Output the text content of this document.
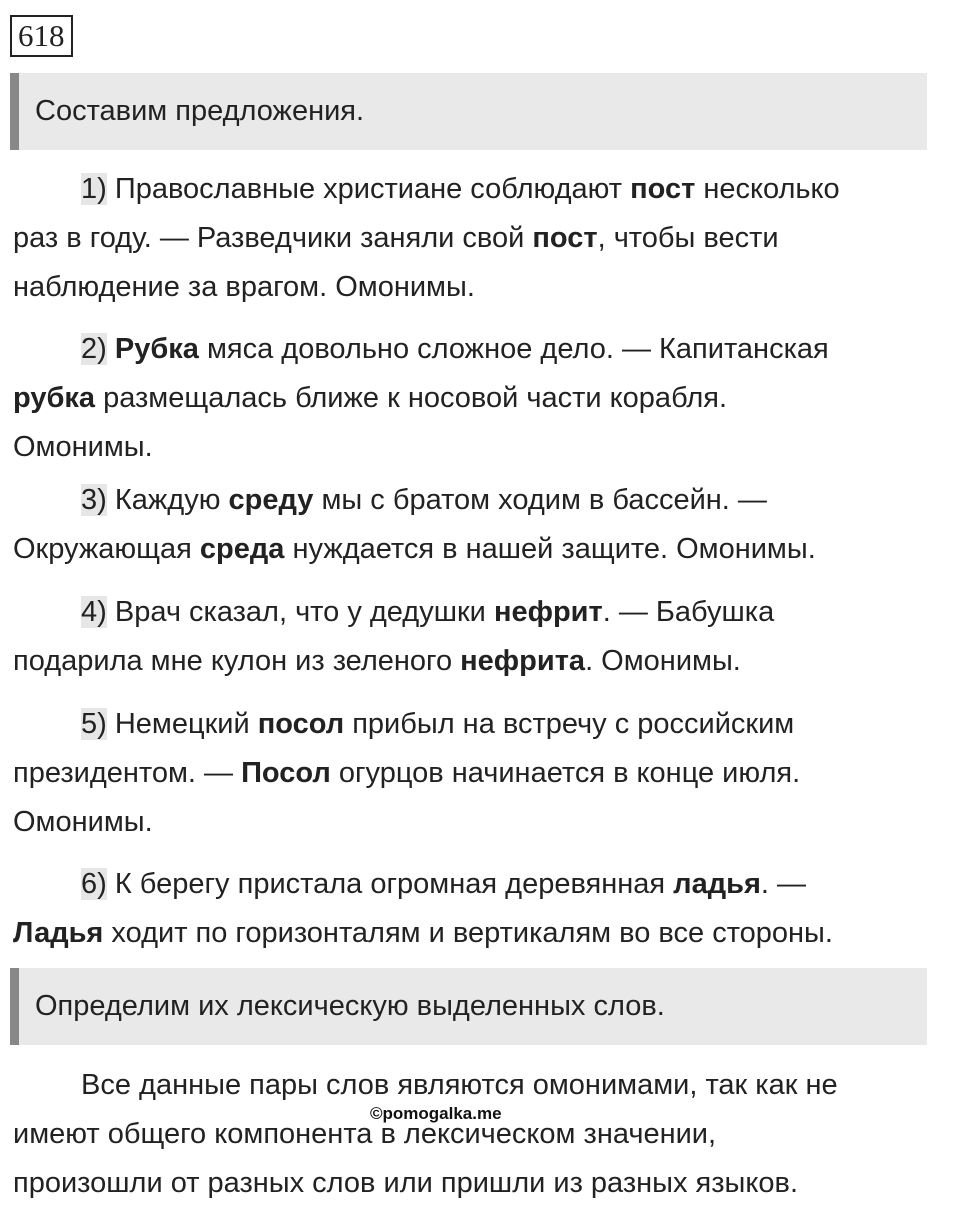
618
Составим предложения.
1) Православные христиане соблюдают пост несколько
раз в году. — Разведчики заняли свой пост, чтобы вести
наблюдение за врагом. Омонимы.
2) Рубка мяса довольно сложное дело. — Капитанская
рубка размещалась ближе к носовой части корабля.
Омонимы.
3) Каждую среду мы с братом ходим в бассейн. —
Окружающая среда нуждается в нашей защите. Омонимы.
4) Врач сказал, что у дедушки нефрит. — Бабушка
подарила мне кулон из зеленого нефрита. Омонимы.
5) Немецкий посол прибыл на встречу с российским
президентом. — Посол огурцов начинается в конце июля.
Омонимы.
6) К берегу пристала огромная деревянная ладья. —
Ладья ходит по горизонталям и вертикалям во все стороны.
Определим их лексическую выделенных слов.
Все данные пары слов являются омонимами, так как не
имеют общего компонента в лексическом значении,
произошли от разных слов или пришли из разных языков.
©pomogalka.me
